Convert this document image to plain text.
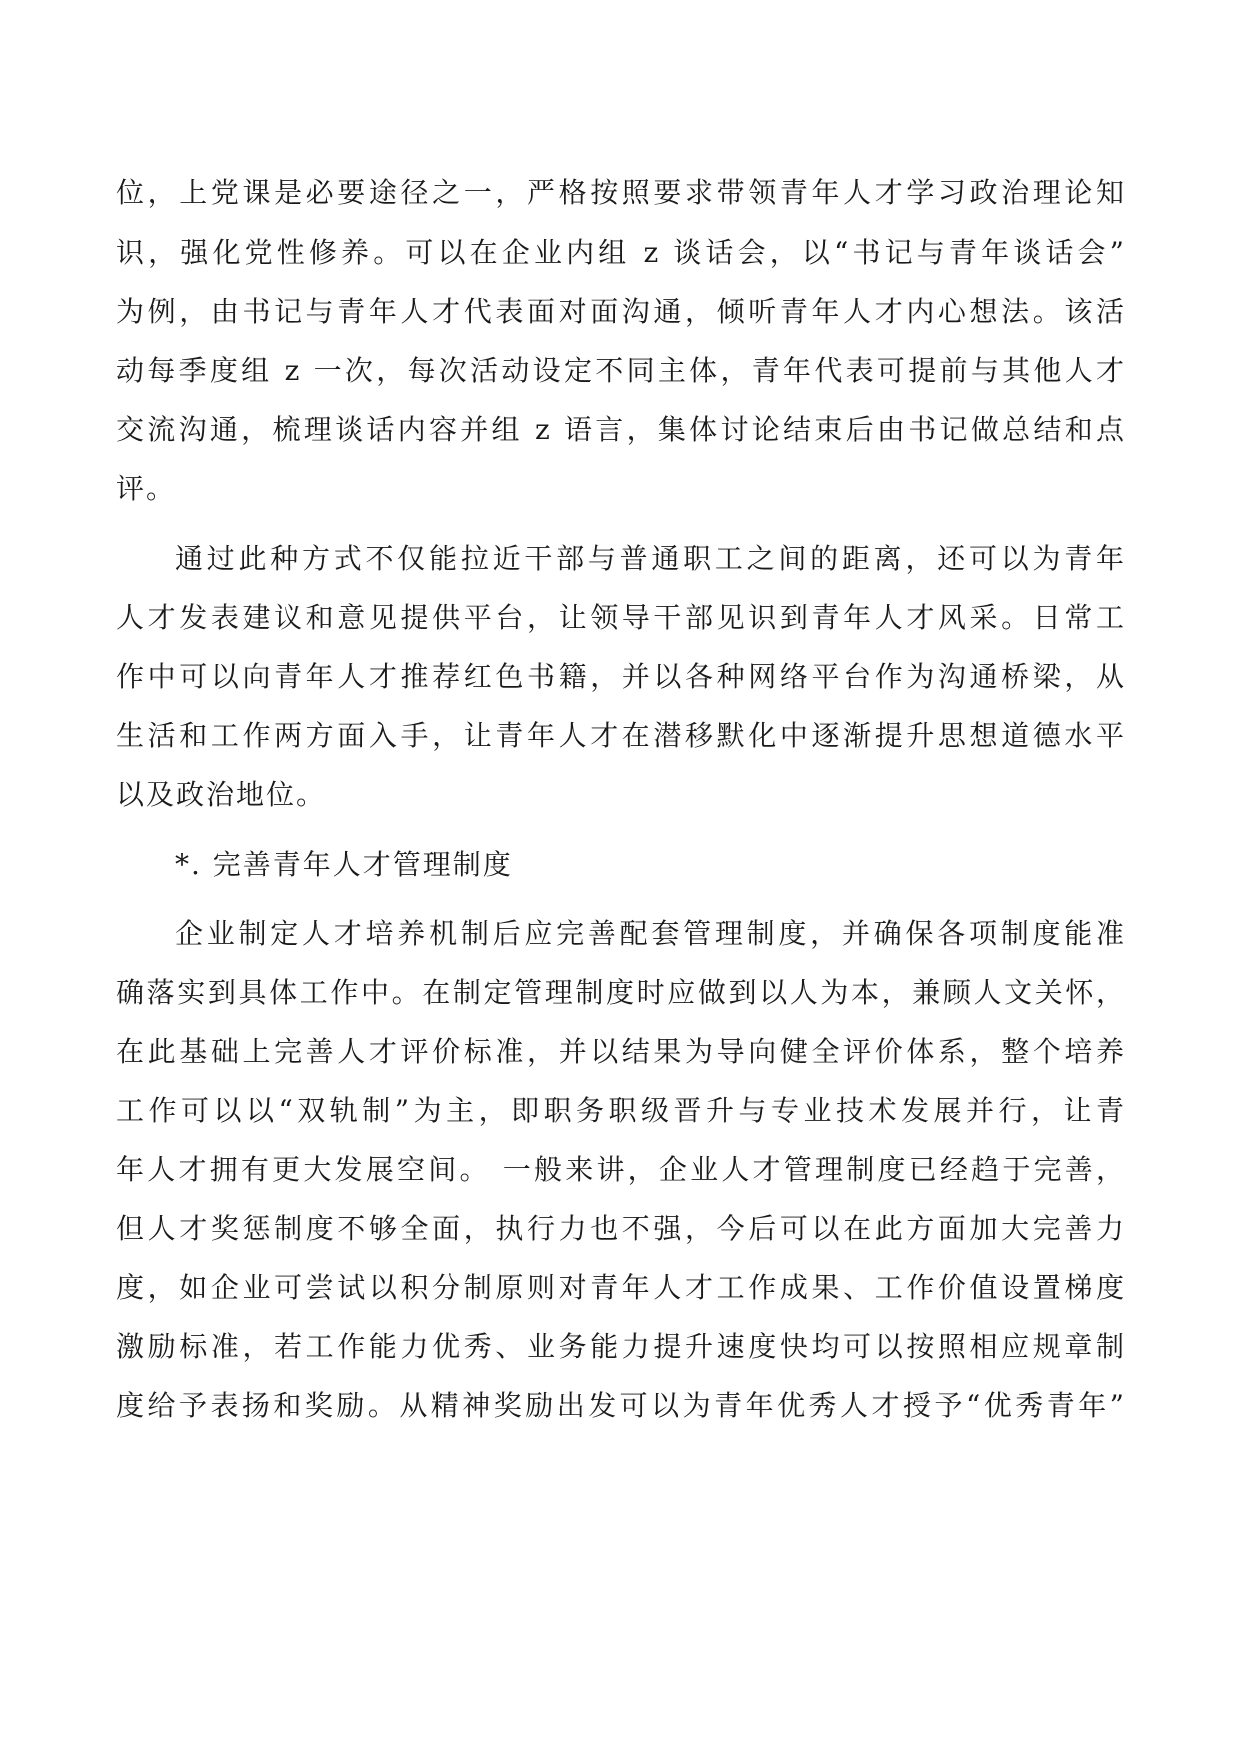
位，上党课是必要途径之一，严格按照要求带领青年人才学习政治理论知
识，强化党性修养。可以在企业内组 z 谈话会，以“书记与青年谈话会”
为例，由书记与青年人才代表面对面沟通，倾听青年人才内心想法。该活
动每季度组 z 一次，每次活动设定不同主体，青年代表可提前与其他人才
交流沟通，梳理谈话内容并组 z 语言，集体讨论结束后由书记做总结和点
评。
通过此种方式不仅能拉近干部与普通职工之间的距离，还可以为青年
人才发表建议和意见提供平台，让领导干部见识到青年人才风采。日常工
作中可以向青年人才推荐红色书籍，并以各种网络平台作为沟通桥梁，从
生活和工作两方面入手，让青年人才在潜移默化中逐渐提升思想道德水平
以及政治地位。
*. 完善青年人才管理制度
企业制定人才培养机制后应完善配套管理制度，并确保各项制度能准
确落实到具体工作中。在制定管理制度时应做到以人为本，兼顾人文关怀，
在此基础上完善人才评价标准，并以结果为导向健全评价体系，整个培养
工作可以以“双轨制”为主，即职务职级晋升与专业技术发展并行，让青
年人才拥有更大发展空间。 一般来讲，企业人才管理制度已经趋于完善，
但人才奖惩制度不够全面，执行力也不强，今后可以在此方面加大完善力
度，如企业可尝试以积分制原则对青年人才工作成果、工作价值设置梯度
激励标准，若工作能力优秀、业务能力提升速度快均可以按照相应规章制
度给予表扬和奖励。从精神奖励出发可以为青年优秀人才授予“优秀青年”
